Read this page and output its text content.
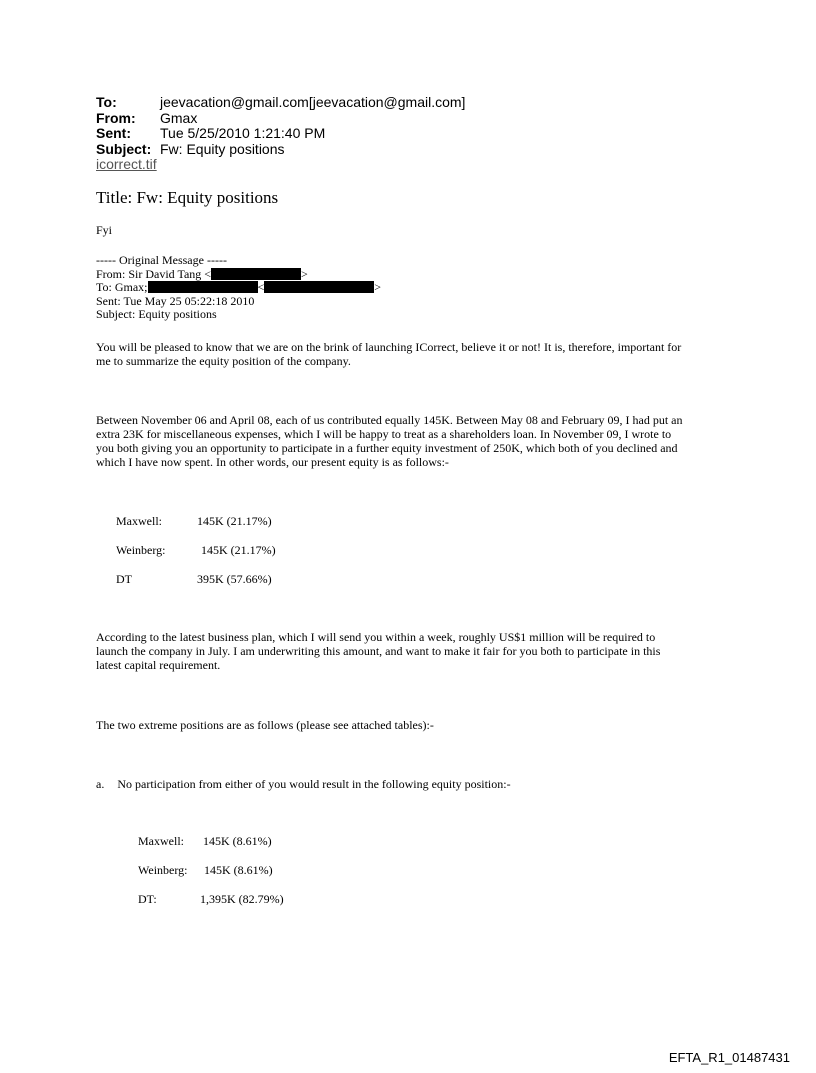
To:	jeevacation@gmail.com[jeevacation@gmail.com]
From:	Gmax
Sent:	Tue 5/25/2010 1:21:40 PM
Subject: Fw: Equity positions
icorrect.tif
Title: Fw: Equity positions
Fyi
----- Original Message -----
From: Sir David Tang <	>
To: Gmax;	<	>
Sent: Tue May 25 05:22:18 2010
Subject: Equity positions
You will be pleased to know that we are on the brink of launching ICorrect, believe it or not! It is, therefore, important for
me to summarize the equity position of the company.
Between November 06 and April 08, each of us contributed equally 145K. Between May 08 and February 09, I had put an
extra 23K for miscellaneous expenses, which I will be happy to treat as a shareholders loan. In November 09, I wrote to
you both giving you an opportunity to participate in a further equity investment of 250K, which both of you declined and
which I have now spent. In other words, our present equity is as follows:-
Maxwell:	145K (21.17%)
Weinberg:	145K (21.17%)
DT	395K (57.66%)
According to the latest business plan, which I will send you within a week, roughly US$1 million will be required to
launch the company in July. I am underwriting this amount, and want to make it fair for you both to participate in this
latest capital requirement.
The two extreme positions are as follows (please see attached tables):-
a. No participation from either of you would result in the following equity position:-
Maxwell: 145K (8.61%)
Weinberg: 145K (8.61%)
DT:	1,395K (82.79%)
EFTA_R1_01487431
